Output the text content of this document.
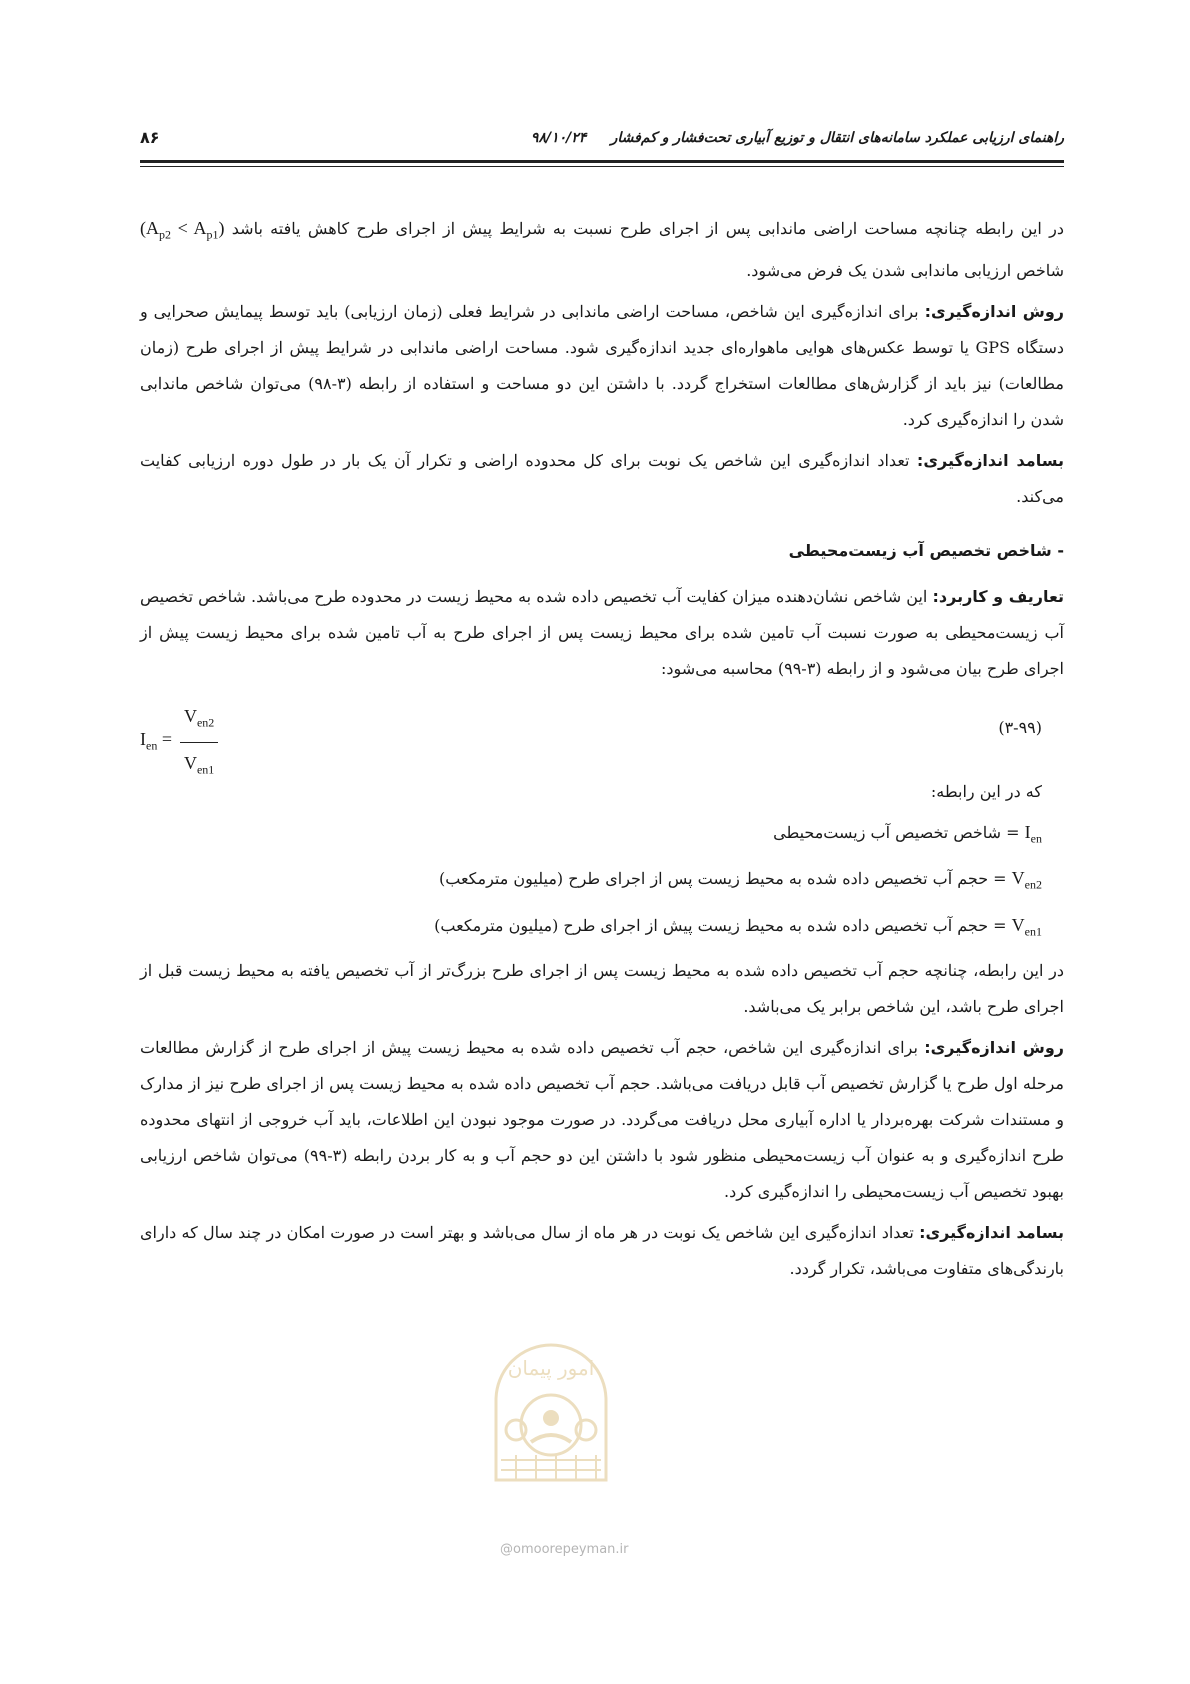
راهنمای ارزیابی عملکرد سامانه‌های انتقال و توزیع آبیاری تحت‌فشار و کم‌فشار     ۹۸/۱۰/۲۴
۸۶

در این رابطه چنانچه مساحت اراضی ماندابی پس از اجرای طرح نسبت به شرایط پیش از اجرای طرح کاهش یافته باشد $(A_{p2} < A_{p1})$ شاخص ارزیابی ماندابی شدن یک فرض می‌شود.

روش اندازه‌گیری: برای اندازه‌گیری این شاخص، مساحت اراضی ماندابی در شرایط فعلی (زمان ارزیابی) باید توسط پیمایش صحرایی و دستگاه GPS یا توسط عکس‌های هوایی ماهواره‌ای جدید اندازه‌گیری شود. مساحت اراضی ماندابی در شرایط پیش از اجرای طرح (زمان مطالعات) نیز باید از گزارش‌های مطالعات استخراج گردد. با داشتن این دو مساحت و استفاده از رابطه (۳-۹۸) می‌توان شاخص ماندابی شدن را اندازه‌گیری کرد.

بسامد اندازه‌گیری: تعداد اندازه‌گیری این شاخص یک نوبت برای کل محدوده اراضی و تکرار آن یک بار در طول دوره ارزیابی کفایت می‌کند.

- شاخص تخصیص آب زیست‌محیطی

تعاریف و کاربرد: این شاخص نشان‌دهنده میزان کفایت آب تخصیص داده شده به محیط زیست در محدوده طرح می‌باشد. شاخص تخصیص آب زیست‌محیطی به صورت نسبت آب تامین شده برای محیط زیست پس از اجرای طرح به آب تامین شده برای محیط زیست پیش از اجرای طرح بیان می‌شود و از رابطه (۳-۹۹) محاسبه می‌شود:

(۳-۹۹)
$I_{en} = \frac{V_{en2}}{V_{en1}}$

که در این رابطه:

$I_{en}$ = شاخص تخصیص آب زیست‌محیطی

$V_{en2}$ = حجم آب تخصیص داده شده به محیط زیست پس از اجرای طرح (میلیون مترمکعب)

$V_{en1}$ = حجم آب تخصیص داده شده به محیط زیست پیش از اجرای طرح (میلیون مترمکعب)

در این رابطه، چنانچه حجم آب تخصیص داده شده به محیط زیست پس از اجرای طرح بزرگ‌تر از آب تخصیص یافته به محیط زیست قبل از اجرای طرح باشد، این شاخص برابر یک می‌باشد.

روش اندازه‌گیری: برای اندازه‌گیری این شاخص، حجم آب تخصیص داده شده به محیط زیست پیش از اجرای طرح از گزارش مطالعات مرحله اول طرح یا گزارش تخصیص آب قابل دریافت می‌باشد. حجم آب تخصیص داده شده به محیط زیست پس از اجرای طرح نیز از مدارک و مستندات شرکت بهره‌بردار یا اداره آبیاری محل دریافت می‌گردد. در صورت موجود نبودن این اطلاعات، باید آب خروجی از انتهای محدوده طرح اندازه‌گیری و به عنوان آب زیست‌محیطی منظور شود با داشتن این دو حجم آب و به کار بردن رابطه (۳-۹۹) می‌توان شاخص ارزیابی بهبود تخصیص آب زیست‌محیطی را اندازه‌گیری کرد.

بسامد اندازه‌گیری: تعداد اندازه‌گیری این شاخص یک نوبت در هر ماه از سال می‌باشد و بهتر است در صورت امکان در چند سال که دارای بارندگی‌های متفاوت می‌باشد، تکرار گردد.

امور پیمان
@omoorepeyman.ir
